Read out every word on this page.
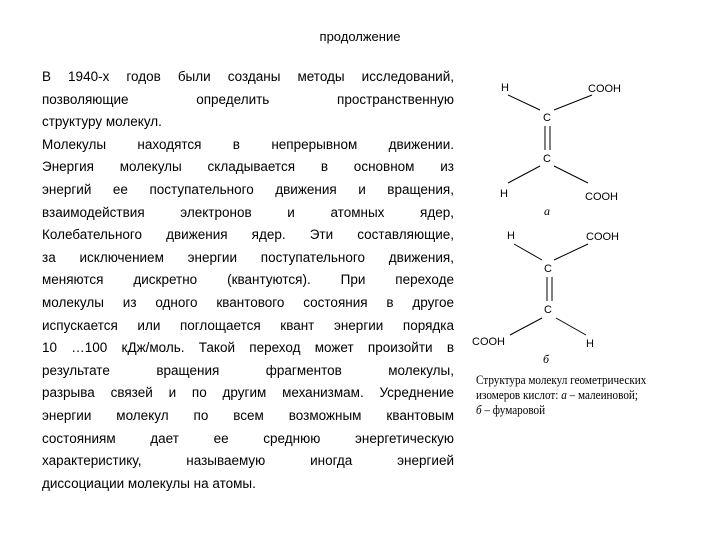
продолжение
В 1940-х годов были созданы методы исследований,
позволяющие определить пространственную
структуру молекул.
Молекулы находятся в непрерывном движении.
Энергия молекулы складывается в основном из
энергий ее поступательного движения и вращения,
взаимодействия электронов и атомных ядер,
Колебательного движения ядер. Эти составляющие,
за исключением энергии поступательного движения,
меняются дискретно (квантуются). При переходе
молекулы из одного квантового состояния в другое
испускается или поглощается квант энергии порядка
10 …100 кДж/моль. Такой переход может произойти в
результате вращения фрагментов молекулы,
разрыва связей и по другим механизмам. Усреднение
энергии молекул по всем возможным квантовым
состояниям дает ее среднюю энергетическую
характеристику, называемую иногда энергией
диссоциации молекулы на атомы.
H	COOH
C
C
H	COOH
а
H	COOH
C
C
COOH	H
б
Структура молекул геометрических
изомеров кислот: а – малеиновой;
б – фумаровой
